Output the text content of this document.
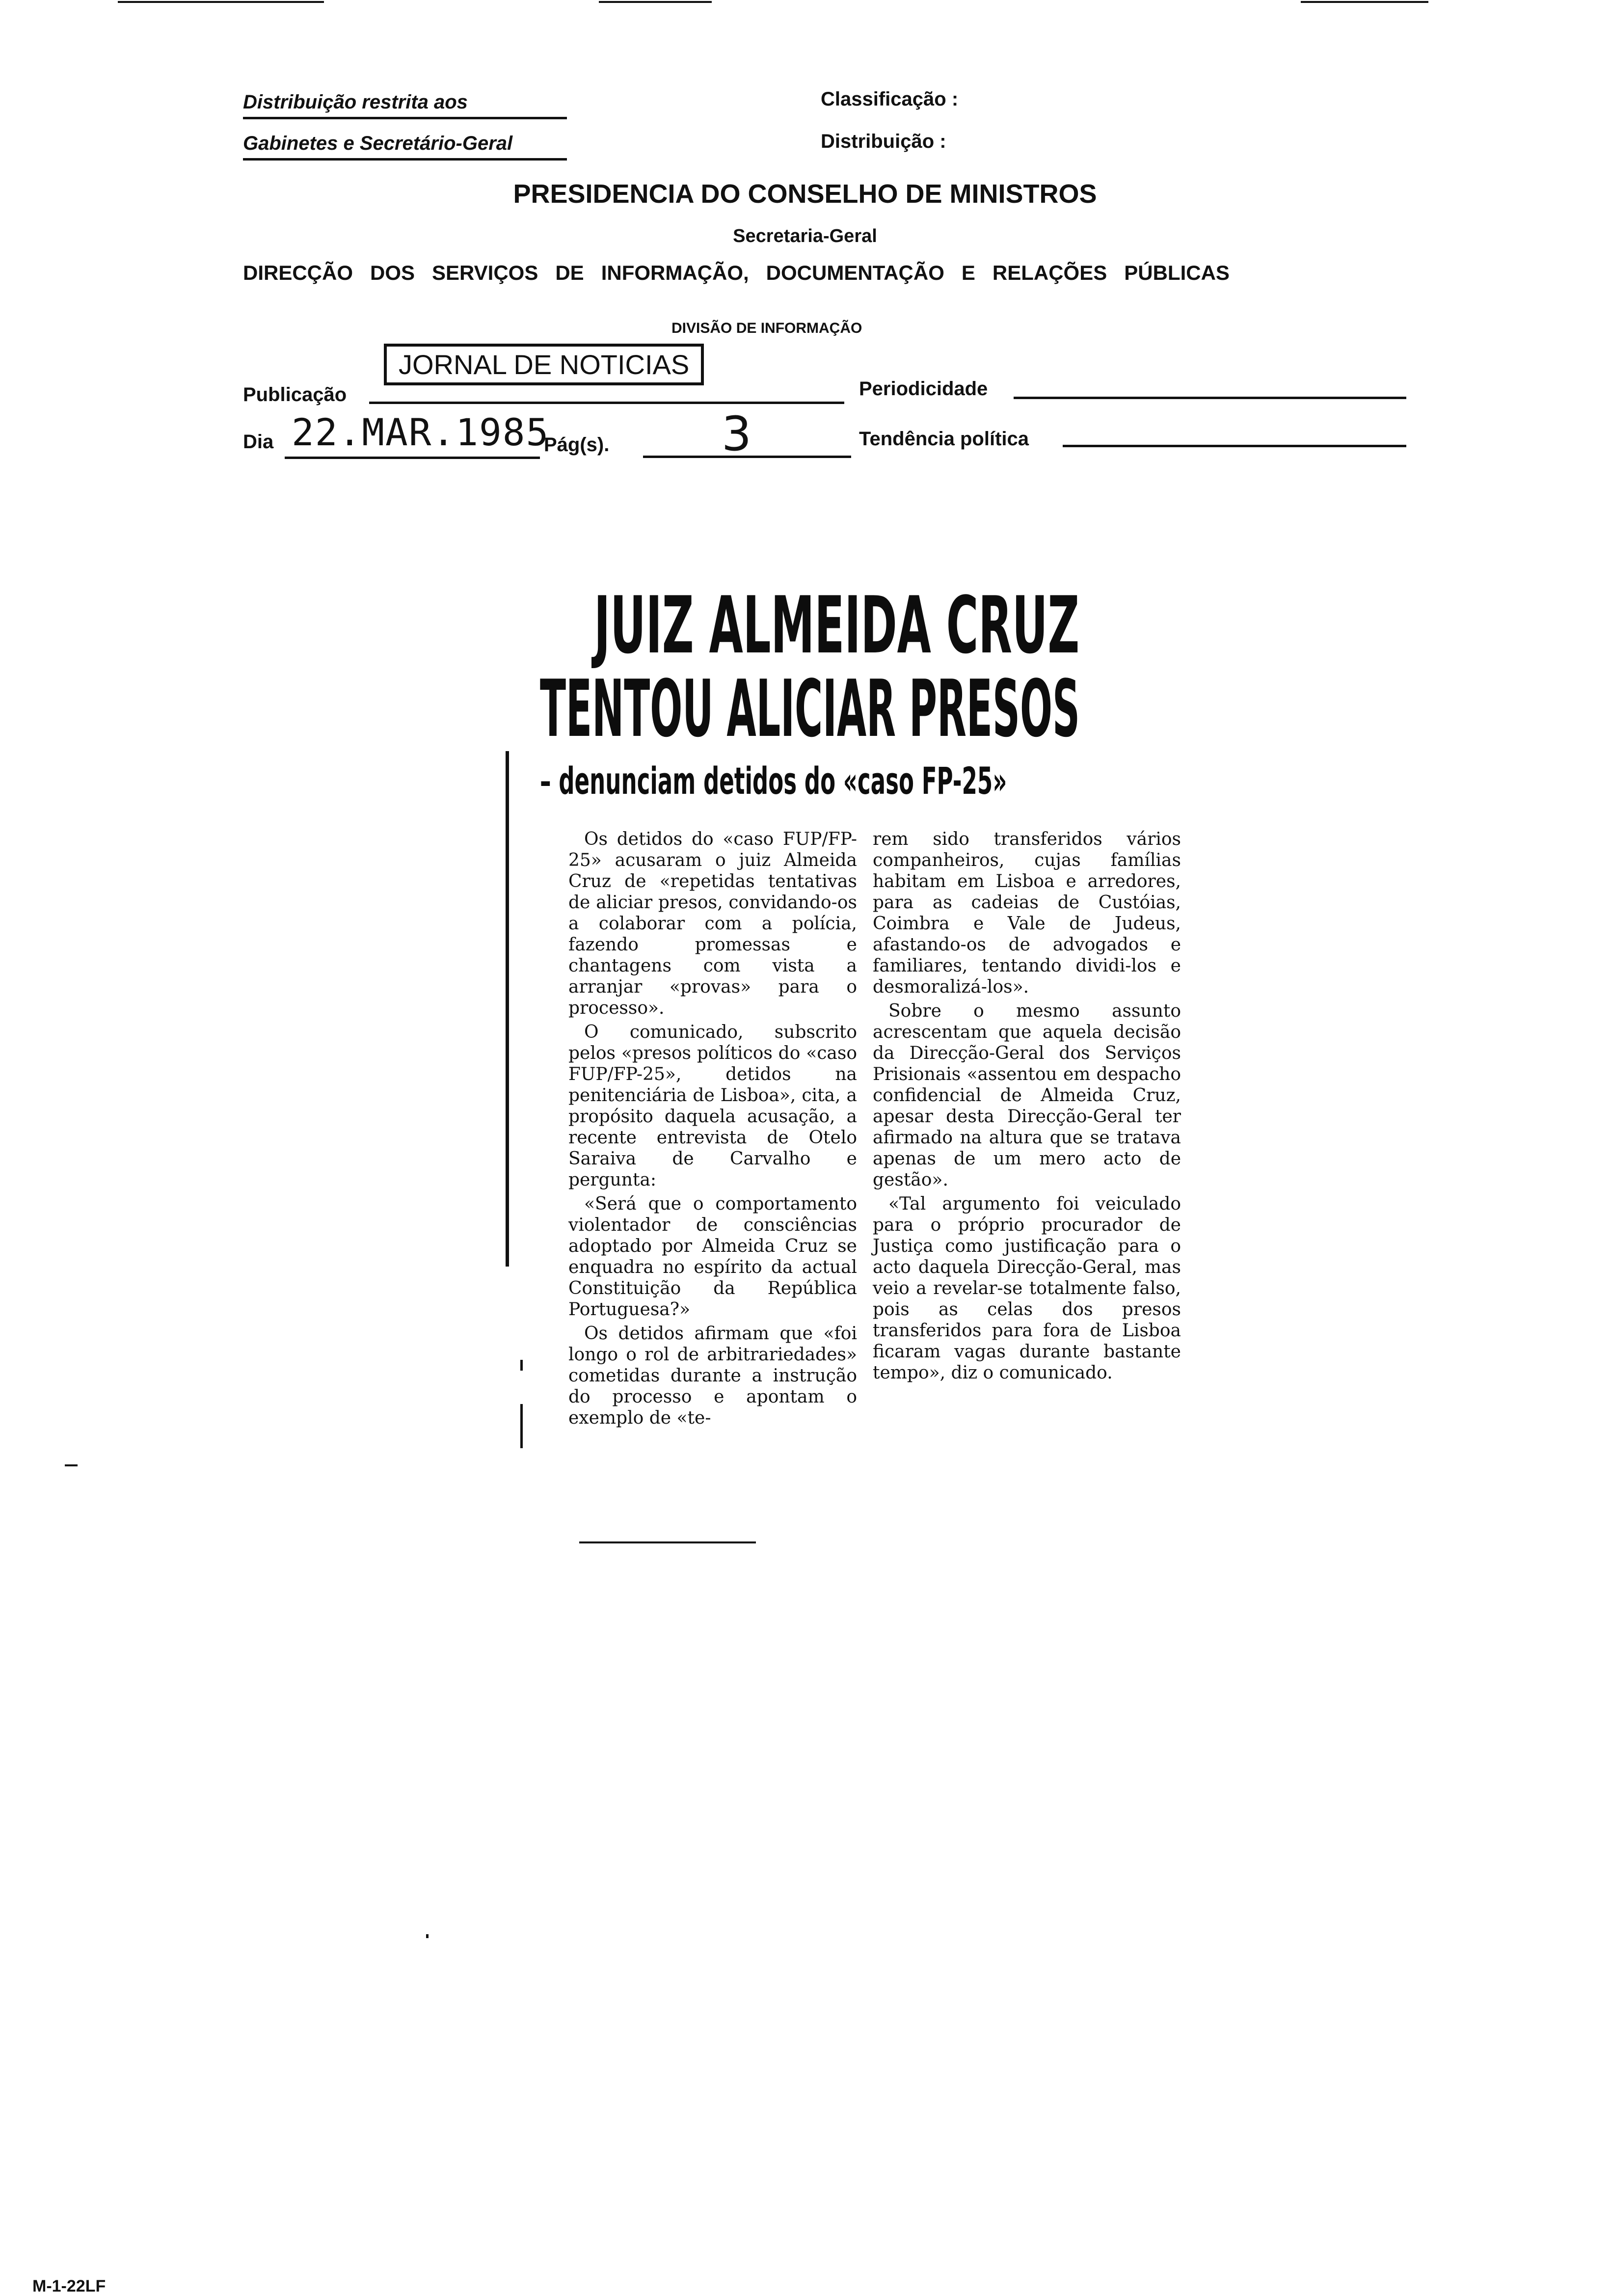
Distribuição restrita aos
Gabinetes e Secretário-Geral
Classificação :
Distribuição :
PRESIDENCIA DO CONSELHO DE MINISTROS
Secretaria-Geral
DIRECÇÃO   DOS   SERVIÇOS   DE   INFORMAÇÃO,   DOCUMENTAÇÃO   E   RELAÇÕES   PÚBLICAS
DIVISÃO DE INFORMAÇÃO
Publicação
JORNAL DE NOTICIAS
Periodicidade
Dia 22.MAR.1985
Pág(s). 3	Tendência política
JUIZ ALMEIDA CRUZ
TENTOU ALICIAR PRESOS
– denunciam detidos do «caso FP-25»

Os detidos do «caso FUP/FP-25» acusaram o juiz Almeida Cruz de «repetidas tentativas de aliciar presos, convidando-os a colaborar com a polícia, fazendo promessas e chantagens com vista a arranjar «provas» para o processo».

O comunicado, subscrito pelos «presos políticos do «caso FUP/FP-25», detidos na penitenciária de Lisboa», cita, a propósito daquela acusação, a recente entrevista de Otelo Saraiva de Carvalho e pergunta:

«Será que o comportamento violentador de consciências adoptado por Almeida Cruz se enquadra no espírito da actual Constituição da República Portuguesa?»

Os detidos afirmam que «foi longo o rol de arbitrariedades» cometidas durante a instrução do processo e apontam o exemplo de «te-

rem sido transferidos vários companheiros, cujas famílias habitam em Lisboa e arredores, para as cadeias de Custóias, Coimbra e Vale de Judeus, afastando-os de advogados e familiares, tentando dividi-los e desmoralizá-los».

Sobre o mesmo assunto acrescentam que aquela decisão da Direcção-Geral dos Serviços Prisionais «assentou em despacho confidencial de Almeida Cruz, apesar desta Direcção-Geral ter afirmado na altura que se tratava apenas de um mero acto de gestão».

«Tal argumento foi veiculado para o próprio procurador de Justiça como justificação para o acto daquela Direcção-Geral, mas veio a revelar-se totalmente falso, pois as celas dos presos transferidos para fora de Lisboa ficaram vagas durante bastante tempo», diz o comunicado.

M-1-22LF
